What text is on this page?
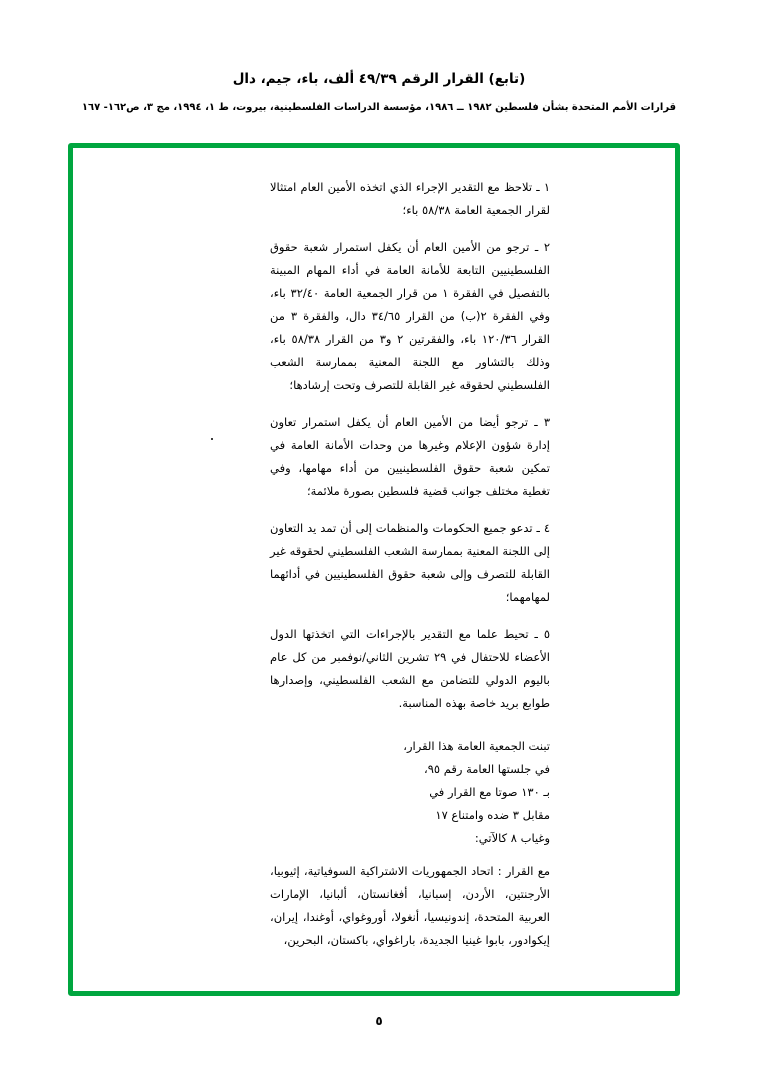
(تابع) القرار الرقم ٤٩/٣٩ ألف، باء، جيم، دال
قرارات الأمم المتحدة بشأن فلسطين ١٩٨٢ ــ ١٩٨٦، مؤسسة الدراسات الفلسطينية، بيروت، ط ١، ١٩٩٤، مج ٣، ص١٦٢- ١٦٧

١ ـ تلاحظ مع التقدير الإجراء الذي اتخذه الأمين العام امتثالا لقرار الجمعية العامة ٥٨/٣٨ باء؛

٢ ـ ترجو من الأمين العام أن يكفل استمرار شعبة حقوق الفلسطينيين التابعة للأمانة العامة في أداء المهام المبينة بالتفصيل في الفقرة ١ من قرار الجمعية العامة ٣٢/٤٠ باء، وفي الفقرة ٢(ب) من القرار ٣٤/٦٥ دال، والفقرة ٣ من القرار ١٢٠/٣٦ باء، والفقرتين ٢ و٣ من القرار ٥٨/٣٨ باء، وذلك بالتشاور مع اللجنة المعنية بممارسة الشعب الفلسطيني لحقوقه غير القابلة للتصرف وتحت إرشادها؛

٣ ـ ترجو أيضا من الأمين العام أن يكفل استمرار تعاون إدارة شؤون الإعلام وغيرها من وحدات الأمانة العامة في تمكين شعبة حقوق الفلسطينيين من أداء مهامها، وفي تغطية مختلف جوانب قضية فلسطين بصورة ملائمة؛

٤ ـ تدعو جميع الحكومات والمنظمات إلى أن تمد يد التعاون إلى اللجنة المعنية بممارسة الشعب الفلسطيني لحقوقه غير القابلة للتصرف وإلى شعبة حقوق الفلسطينيين في أدائهما لمهامهما؛

٥ ـ تحيط علما مع التقدير بالإجراءات التي اتخذتها الدول الأعضاء للاحتفال في ٢٩ تشرين الثاني/نوفمبر من كل عام باليوم الدولي للتضامن مع الشعب الفلسطيني، وإصدارها طوابع بريد خاصة بهذه المناسبة.

تبنت الجمعية العامة هذا القرار،
في جلستها العامة رقم ٩٥،
بـ ١٣٠ صوتا مع القرار في
مقابل ٣ ضده وامتناع ١٧
وغياب ٨ كالآتي:
مع القرار : اتحاد الجمهوريات الاشتراكية السوفياتية، إثيوبيا، الأرجنتين، الأردن، إسبانيا، أفغانستان، ألبانيا، الإمارات العربية المتحدة، إندونيسيا، أنغولا، أوروغواي، أوغندا، إيران، إيكوادور، بابوا غينيا الجديدة، باراغواي، باكستان، البحرين،
٥
